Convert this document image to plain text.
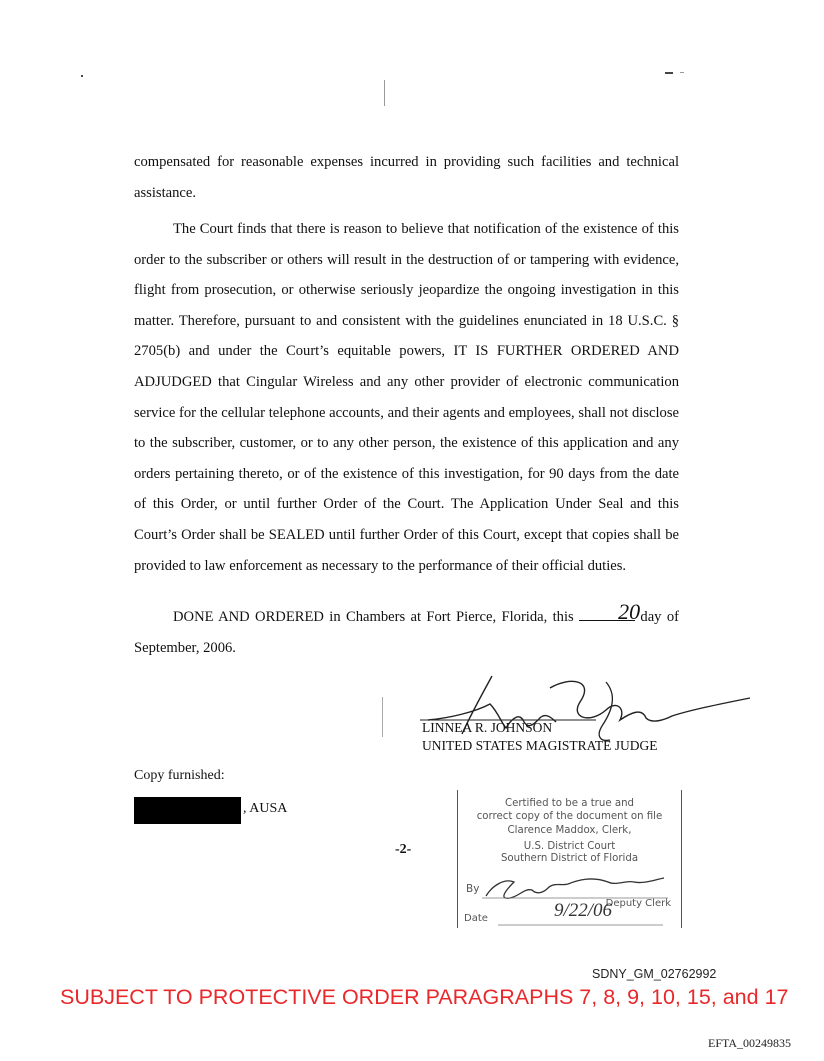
compensated for reasonable expenses incurred in providing such facilities and technical assistance.
The Court finds that there is reason to believe that notification of the existence of this order to the subscriber or others will result in the destruction of or tampering with evidence, flight from prosecution, or otherwise seriously jeopardize the ongoing investigation in this matter. Therefore, pursuant to and consistent with the guidelines enunciated in 18 U.S.C. § 2705(b) and under the Court’s equitable powers, IT IS FURTHER ORDERED AND ADJUDGED that Cingular Wireless and any other provider of electronic communication service for the cellular telephone accounts, and their agents and employees, shall not disclose to the subscriber, customer, or to any other person, the existence of this application and any orders pertaining thereto, or of the existence of this investigation, for 90 days from the date of this Order, or until further Order of the Court. The Application Under Seal and this Court’s Order shall be SEALED until further Order of this Court, except that copies shall be provided to law enforcement as necessary to the performance of their official duties.
DONE AND ORDERED in Chambers at Fort Pierce, Florida, this 20 day of September, 2006.
LINNEA R. JOHNSON
UNITED STATES MAGISTRATE JUDGE
Copy furnished:
, AUSA	Certified to be a true and
correct copy of the document on file
Clarence Maddox, Clerk,
U.S. District Court
Southern District of Florida
By
Deputy Clerk
Date	9/22/06
-2-
SDNY_GM_02762992
SUBJECT TO PROTECTIVE ORDER PARAGRAPHS 7, 8, 9, 10, 15, and 17
EFTA_00249835
